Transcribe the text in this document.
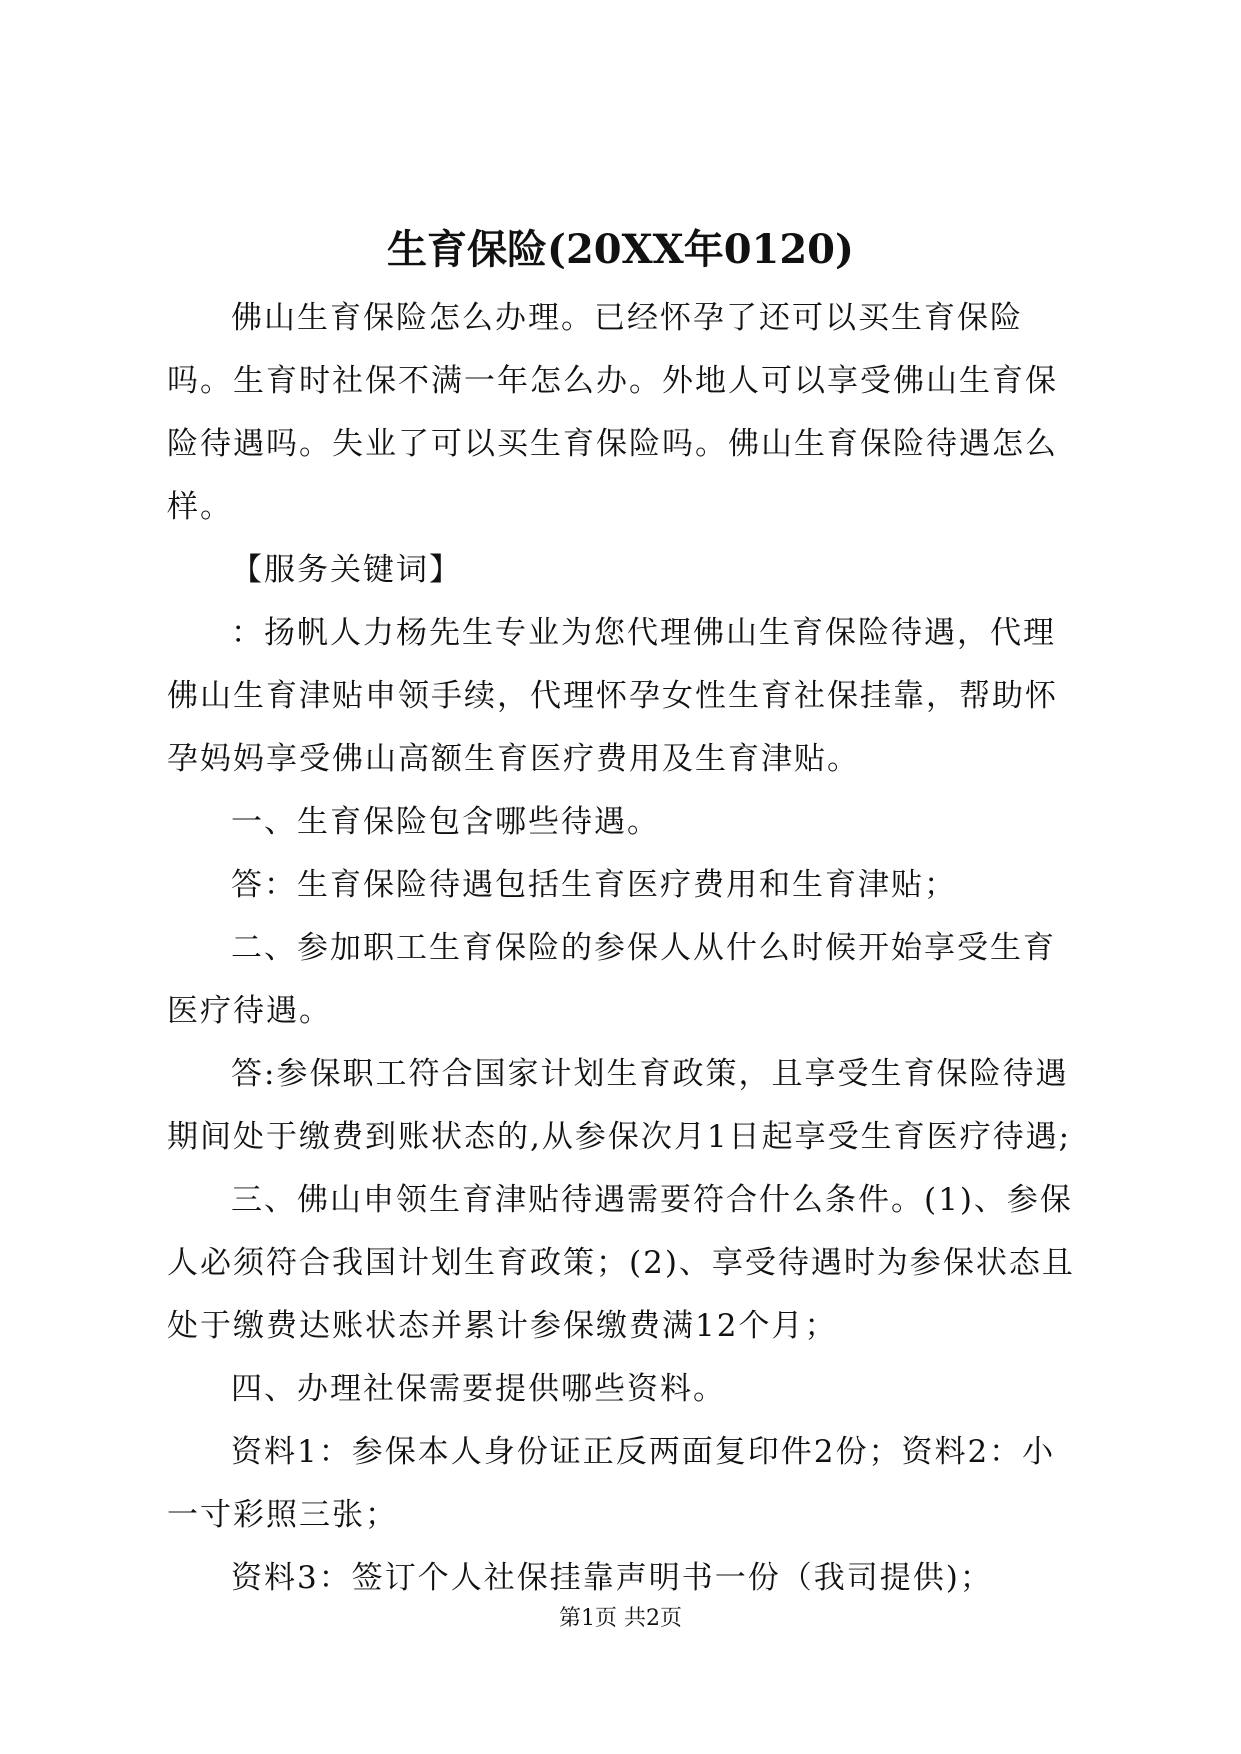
生育保险(20XX年0120)

佛山生育保险怎么办理。已经怀孕了还可以买生育保险吗。生育时社保不满一年怎么办。外地人可以享受佛山生育保险待遇吗。失业了可以买生育保险吗。佛山生育保险待遇怎么样。

【服务关键词】

：扬帆人力杨先生专业为您代理佛山生育保险待遇，代理佛山生育津贴申领手续，代理怀孕女性生育社保挂靠，帮助怀孕妈妈享受佛山高额生育医疗费用及生育津贴。

一、生育保险包含哪些待遇。

答：生育保险待遇包括生育医疗费用和生育津贴；

二、参加职工生育保险的参保人从什么时候开始享受生育医疗待遇。

答:参保职工符合国家计划生育政策，且享受生育保险待遇期间处于缴费到账状态的,从参保次月1日起享受生育医疗待遇;

三、佛山申领生育津贴待遇需要符合什么条件。(1)、参保人必须符合我国计划生育政策；(2)、享受待遇时为参保状态且处于缴费达账状态并累计参保缴费满12个月；

四、办理社保需要提供哪些资料。

资料1：参保本人身份证正反两面复印件2份；资料2：小一寸彩照三张；

资料3：签订个人社保挂靠声明书一份（我司提供)；

第1页 共2页
